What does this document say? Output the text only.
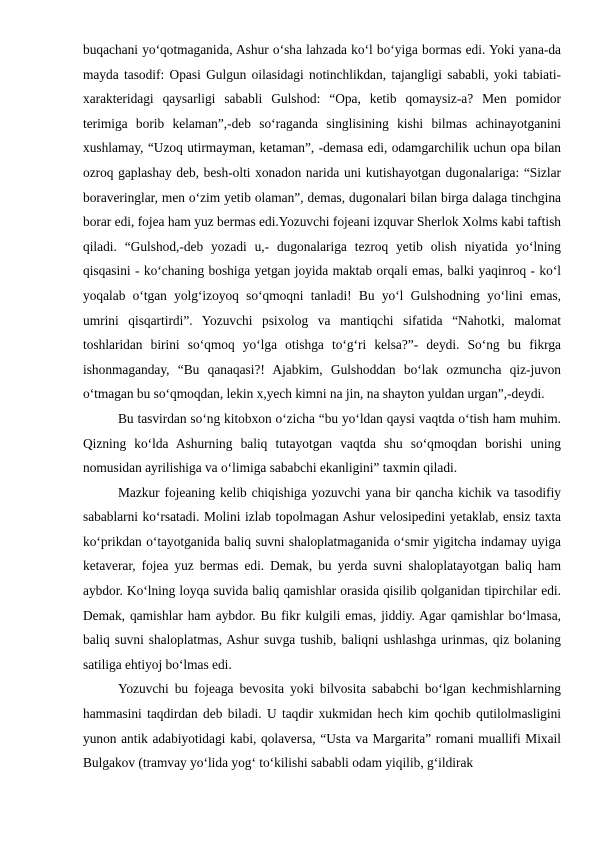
buqachani yo‘qotmaganida, Ashur o‘sha lahzada ko‘l bo‘yiga bormas edi. Yoki yana-da mayda tasodif: Opasi Gulgun oilasidagi notinchlikdan, tajangligi sababli, yoki tabiati-xarakteridagi qaysarligi sababli Gulshod: “Opa, ketib qomaysiz-a? Men pomidor terimiga borib kelaman”,-deb so‘raganda singlisining kishi bilmas achinayotganini xushlamay, “Uzoq utirmayman, ketaman”, -demasa edi, odamgarchilik uchun opa bilan ozroq gaplashay deb, besh-olti xonadon narida uni kutishayotgan dugonalariga: “Sizlar boraveringlar, men o‘zim yetib olaman”, demas, dugonalari bilan birga dalaga tinchgina borar edi, fojea ham yuz bermas edi.Yozuvchi fojeani izquvar Sherlok Xolms kabi taftish qiladi. “Gulshod,-deb yozadi u,- dugonalariga tezroq yetib olish niyatida yo‘lning qisqasini - ko‘chaning boshiga yetgan joyida maktab orqali emas, balki yaqinroq - ko‘l yoqalab o‘tgan yolg‘izoyoq so‘qmoqni tanladi! Bu yo‘l Gulshodning yo‘lini emas, umrini qisqartirdi”. Yozuvchi psixolog va mantiqchi sifatida “Nahotki, malomat toshlaridan birini so‘qmoq yo‘lga otishga to‘g‘ri kelsa?”- deydi. So‘ng bu fikrga ishonmaganday, “Bu qanaqasi?! Ajabkim, Gulshoddan bo‘lak ozmuncha qiz-juvon o‘tmagan bu so‘qmoqdan, lekin x,yech kimni na jin, na shayton yuldan urgan”,-deydi.

Bu tasvirdan so‘ng kitobxon o‘zicha “bu yo‘ldan qaysi vaqtda o‘tish ham muhim. Qizning ko‘lda Ashurning baliq tutayotgan vaqtda shu so‘qmoqdan borishi uning nomusidan ayrilishiga va o‘limiga sababchi ekanligini” taxmin qiladi.

Mazkur fojeaning kelib chiqishiga yozuvchi yana bir qancha kichik va tasodifiy sabablarni ko‘rsatadi. Molini izlab topolmagan Ashur velosipedini yetaklab, ensiz taxta ko‘prikdan o‘tayotganida baliq suvni shaloplatmaganida o‘smir yigitcha indamay uyiga ketaverar, fojea yuz bermas edi. Demak, bu yerda suvni shaloplatayotgan baliq ham aybdor. Ko‘lning loyqa suvida baliq qamishlar orasida qisilib qolganidan tipirchilar edi. Demak, qamishlar ham aybdor. Bu fikr kulgili emas, jiddiy. Agar qamishlar bo‘lmasa, baliq suvni shaloplatmas, Ashur suvga tushib, baliqni ushlashga urinmas, qiz bolaning satiliga ehtiyoj bo‘lmas edi.

Yozuvchi bu fojeaga bevosita yoki bilvosita sababchi bo‘lgan kechmishlarning hammasini taqdirdan deb biladi. U taqdir xukmidan hech kim qochib qutilolmasligini yunon antik adabiyotidagi kabi, qolaversa, “Usta va Margarita” romani muallifi Mixail Bulgakov (tramvay yo‘lida yog‘ to‘kilishi sababli odam yiqilib, g‘ildirak
